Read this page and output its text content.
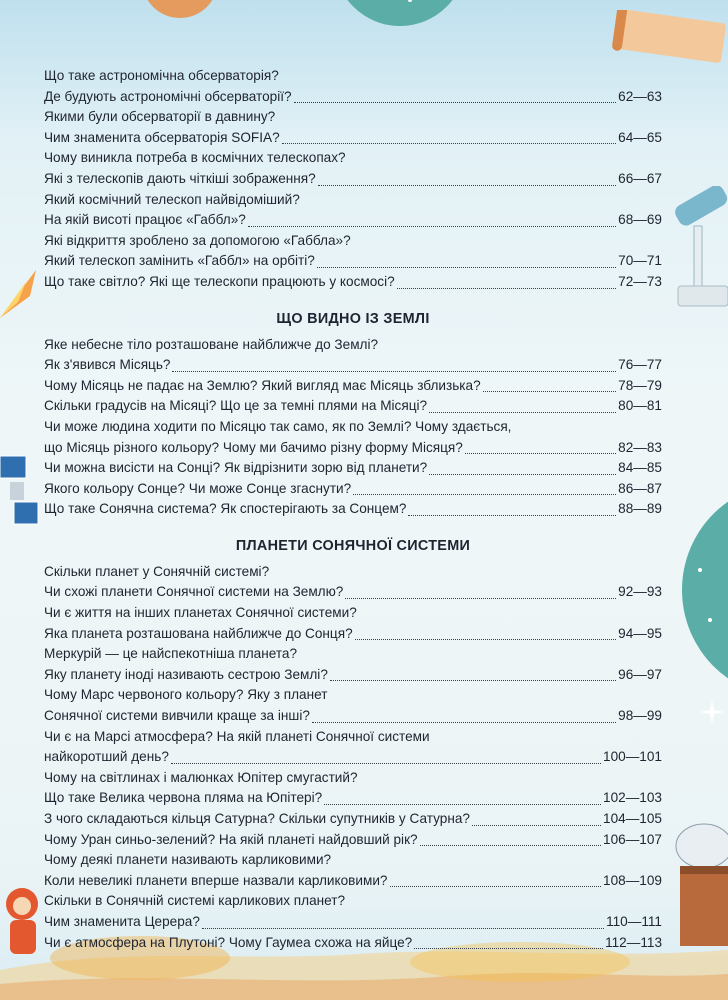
Що таке астрономічна обсерваторія?
Де будують астрономічні обсерваторії?	62—63
Якими були обсерваторії в давнину?
Чим знаменита обсерваторія SOFIA?	64—65
Чому виникла потреба в космічних телескопах?
Які з телескопів дають чіткіші зображення?	66—67
Який космічний телескоп найвідоміший?
На якій висоті працює «Габбл»?	68—69
Які відкриття зроблено за допомогою «Габбла»?
Який телескоп замінить «Габбл» на орбіті?	70—71
Що таке світло? Які ще телескопи працюють у космосі?	72—73
ЩО ВИДНО ІЗ ЗЕМЛІ
Яке небесне тіло розташоване найближче до Землі?
Як з'явився Місяць?	76—77
Чому Місяць не падає на Землю? Який вигляд має Місяць зблизька?	78—79
Скільки градусів на Місяці? Що це за темні плями на Місяці?	80—81
Чи може людина ходити по Місяцю так само, як по Землі? Чому здається,
що Місяць різного кольору? Чому ми бачимо різну форму Місяця?	82—83
Чи можна висісти на Сонці? Як відрізнити зорю від планети?	84—85
Якого кольору Сонце? Чи може Сонце згаснути?	86—87
Що таке Сонячна система? Як спостерігають за Сонцем?	88—89
ПЛАНЕТИ СОНЯЧНОЇ СИСТЕМИ
Скільки планет у Сонячній системі?
Чи схожі планети Сонячної системи на Землю?	92—93
Чи є життя на інших планетах Сонячної системи?
Яка планета розташована найближче до Сонця?	94—95
Меркурій — це найспекотніша планета?
Яку планету іноді називають сестрою Землі?	96—97
Чому Марс червоного кольору? Яку з планет
Сонячної системи вивчили краще за інші?	98—99
Чи є на Марсі атмосфера? На якій планеті Сонячної системи
найкоротший день?	100—101
Чому на світлинах і малюнках Юпітер смугастий?
Що таке Велика червона пляма на Юпітері?	102—103
З чого складаються кільця Сатурна? Скільки супутників у Сатурна?	104—105
Чому Уран синьо-зелений? На якій планеті найдовший рік?	106—107
Чому деякі планети називають карликовими?
Коли невеликі планети вперше назвали карликовими?	108—109
Скільки в Сонячній системі карликових планет?
Чим знаменита Церера?	110—111
Чи є атмосфера на Плутоні? Чому Гаумеа схожа на яйце?	112—113
